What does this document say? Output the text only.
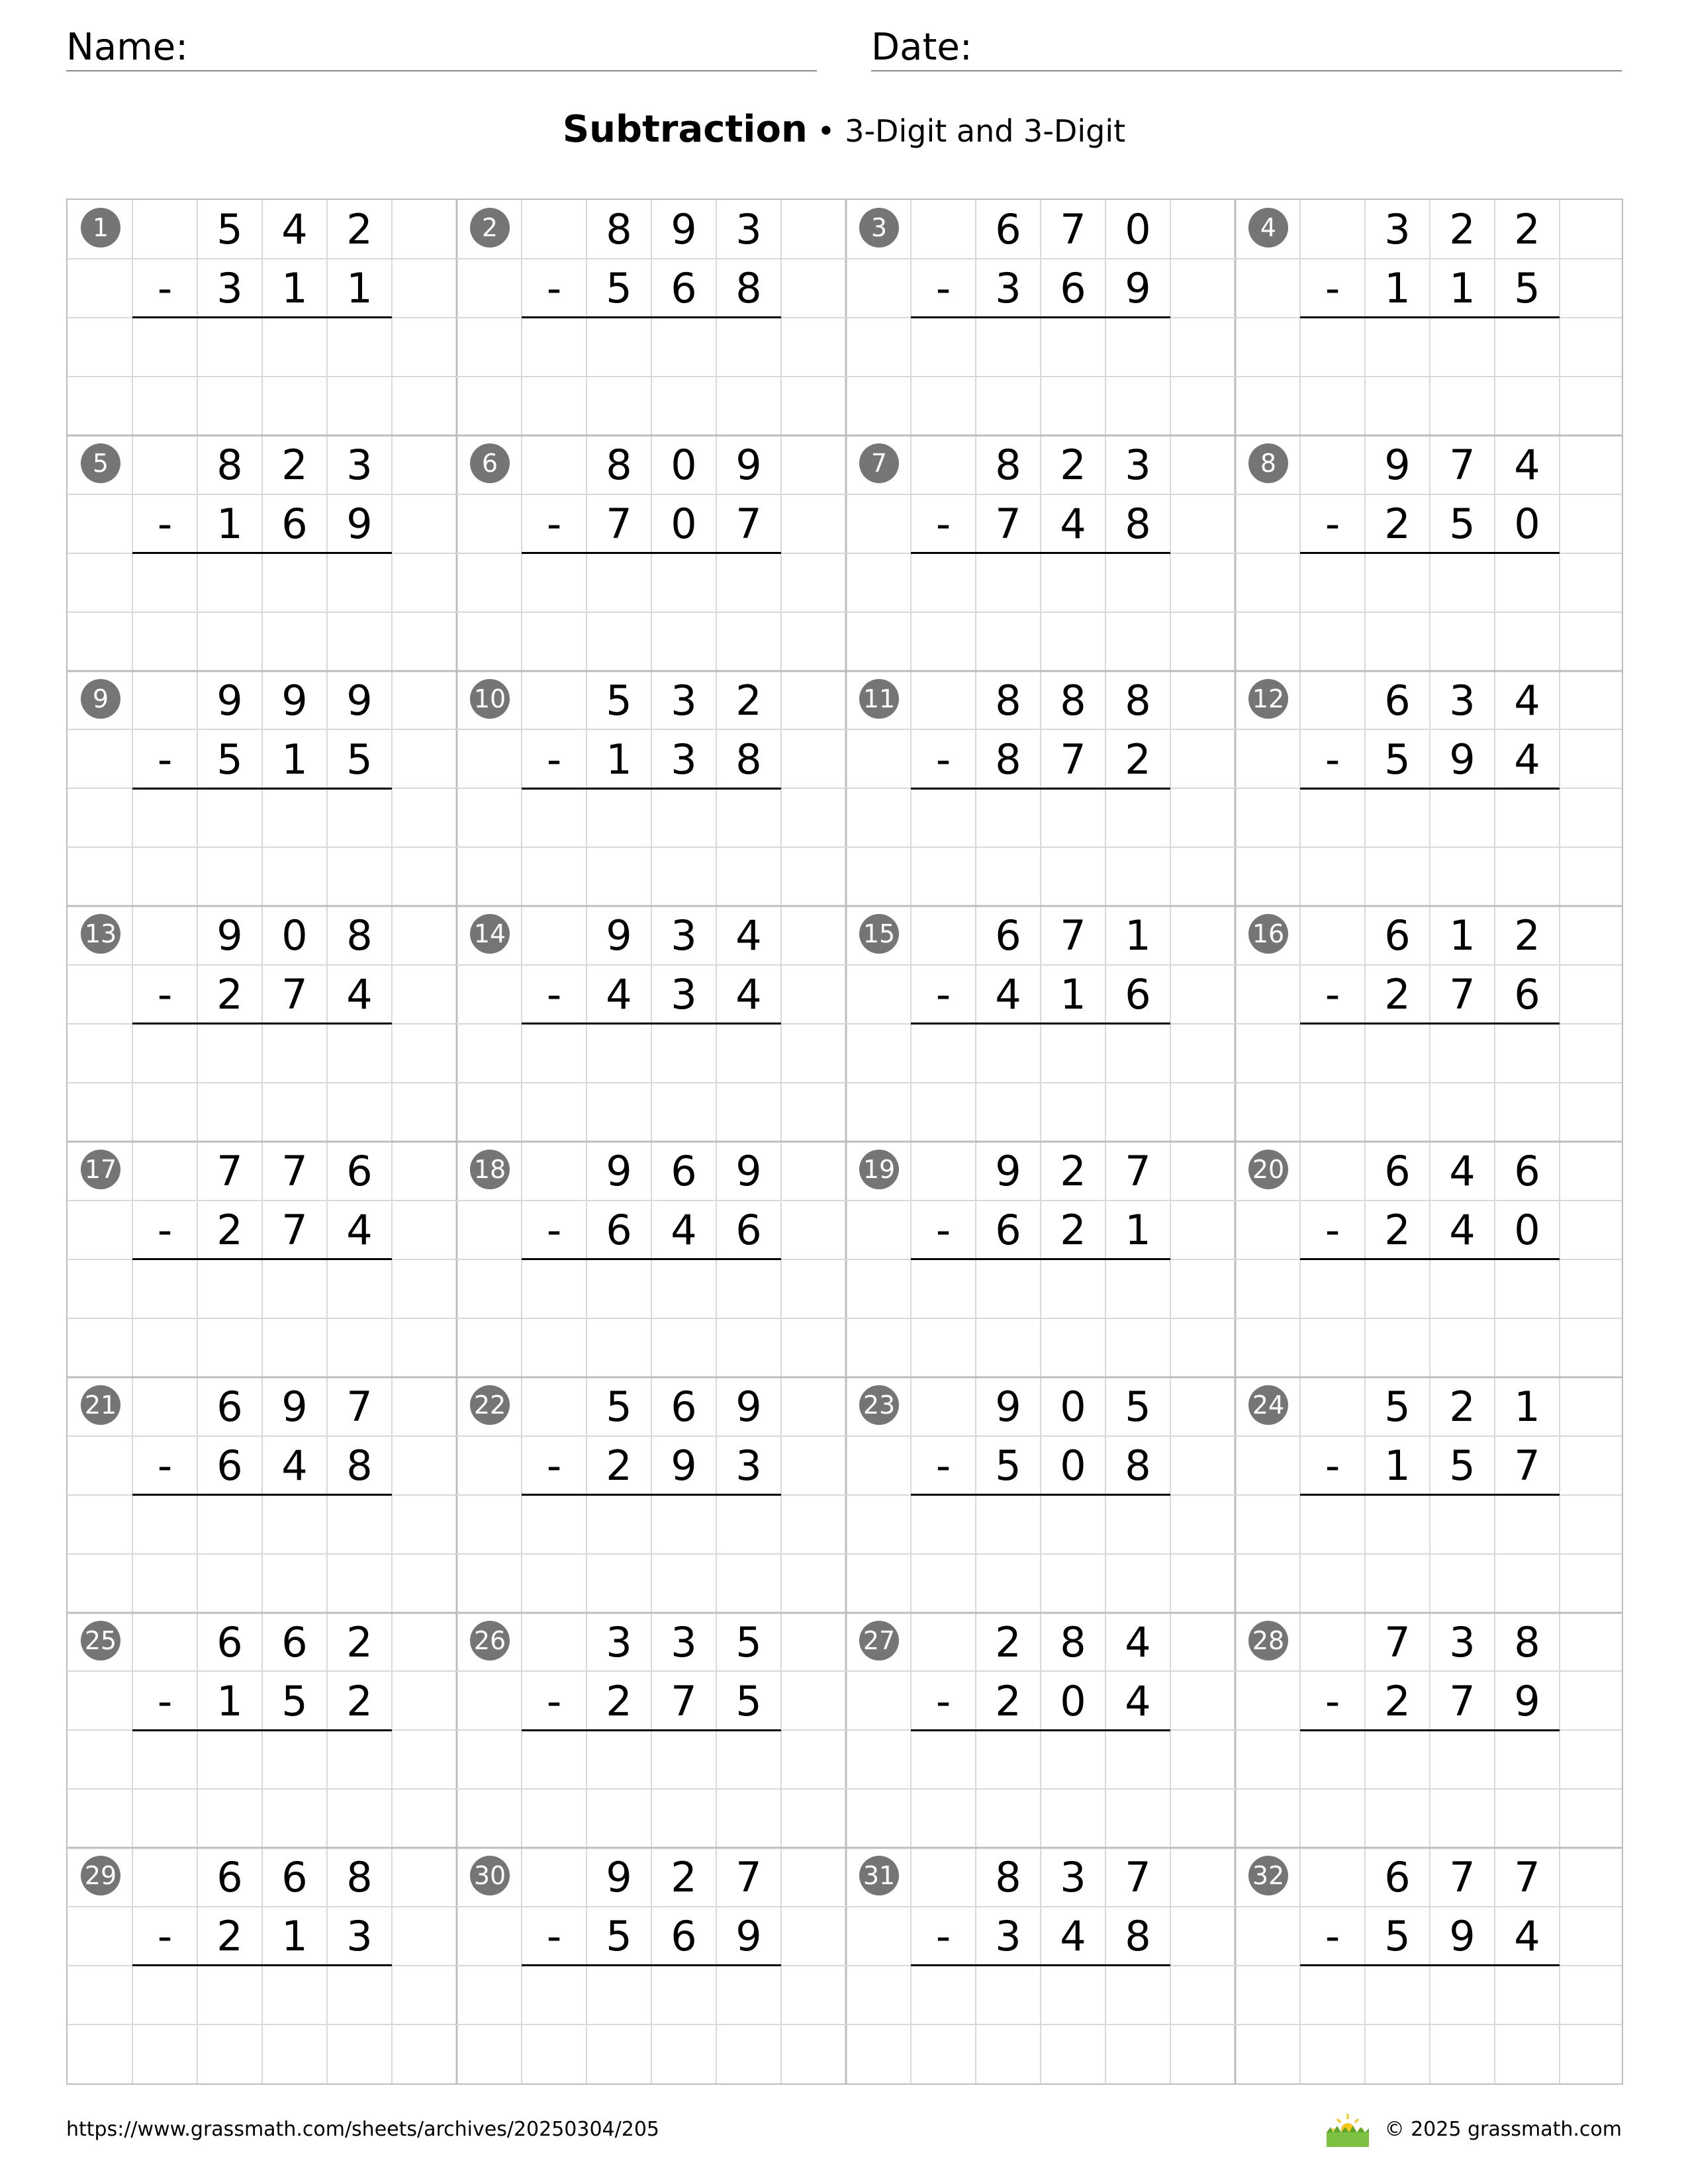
Name:	Date:
Subtraction • 3-Digit and 3-Digit
1	5 4 2
-	3 1 1
2	8 9 3
-	5 6 8
3	6 7 0
-	3 6 9
4	3 2 2
-	1 1 5
5	8 2 3
-	1 6 9
6	8 0 9
-	7 0 7
7	8 2 3
-	7 4 8
8	9 7 4
-	2 5 0
9	9 9 9
-	5 1 5
10	5 3 2
-	1 3 8
11	8 8 8
-	8 7 2
12	6 3 4
-	5 9 4
13	9 0 8
-	2 7 4
14	9 3 4
-	4 3 4
15	6 7 1
-	4 1 6
16	6 1 2
-	2 7 6
17	7 7 6
-	2 7 4
18	9 6 9
-	6 4 6
19	9 2 7
-	6 2 1
20	6 4 6
-	2 4 0
21	6 9 7
-	6 4 8
22	5 6 9
-	2 9 3
23	9 0 5
-	5 0 8
24	5 2 1
-	1 5 7
25	6 6 2
-	1 5 2
26	3 3 5
-	2 7 5
27	2 8 4
-	2 0 4
28	7 3 8
-	2 7 9
29	6 6 8
-	2 1 3
30	9 2 7
-	5 6 9
31	8 3 7
-	3 4 8
32	6 7 7
-	5 9 4
https://www.grassmath.com/sheets/archives/20250304/205	© 2025 grassmath.com
